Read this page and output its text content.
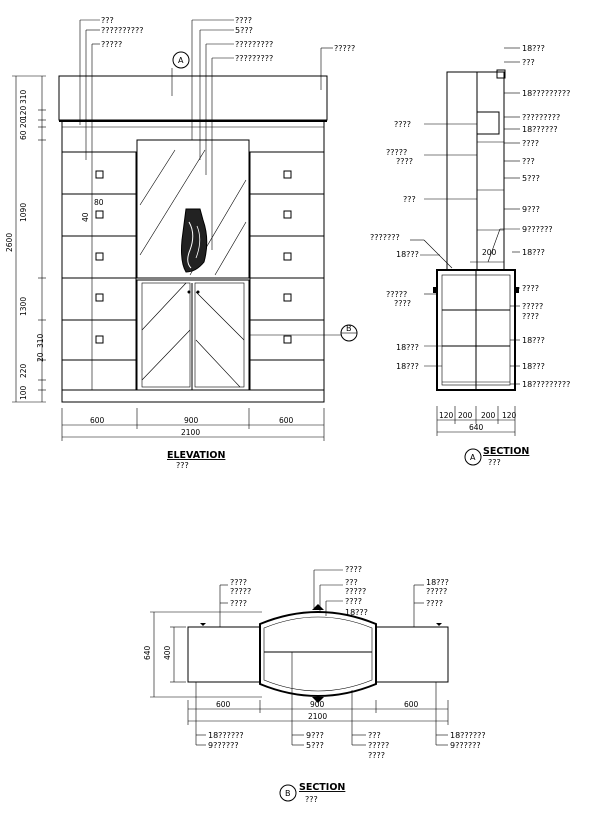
80
40
???
??????????
?????
????
5???
?????????
?????????
?????
A
B
310
120
20
60
1090
2600
1300
310
220
20
100
600	900	600
2100
ELEVATION
???
18???
???
18?????????
?????????
18??????
????
???
5???
9???
9??????
18???
????
?????
????
18???
18???
18?????????
????
?????
????
???
???????
18???
?????
????
18???
18???
200
120 200 200 120
640
A
SECTION
???
????
?????
????
????
???
?????
????
18???
?????
????
18???
18??????
9??????
9???
5???
???
?????
????
18??????
9??????
640 400
600	900	600
2100
B
SECTION
???
